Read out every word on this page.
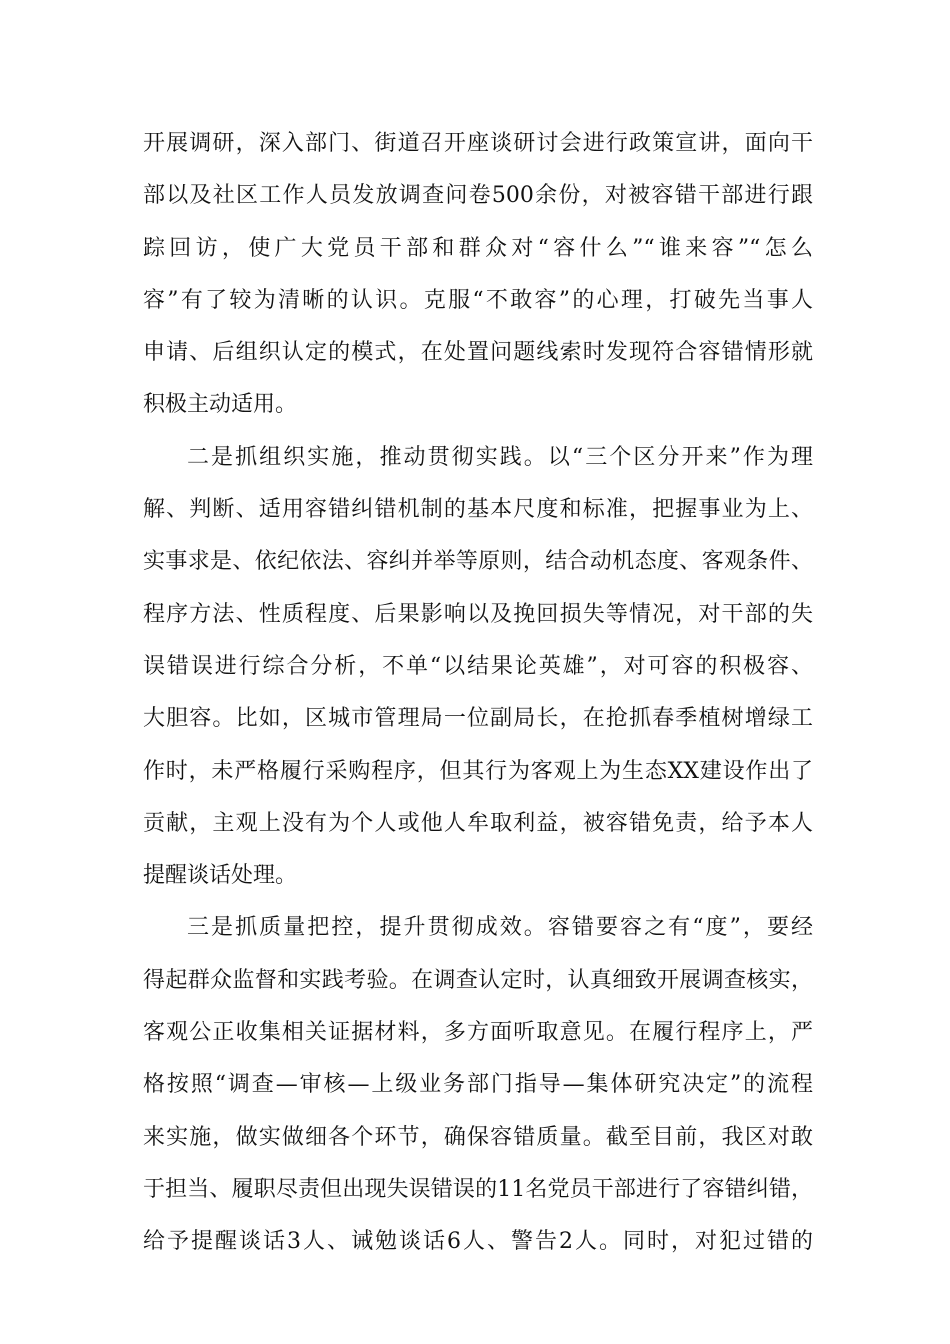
开展调研，深入部门、街道召开座谈研讨会进行政策宣讲，面向干
部以及社区工作人员发放调查问卷500余份，对被容错干部进行跟
踪回访，使广大党员干部和群众对“容什么”“谁来容”“怎么
容”有了较为清晰的认识。克服“不敢容”的心理，打破先当事人
申请、后组织认定的模式，在处置问题线索时发现符合容错情形就
积极主动适用。
二是抓组织实施，推动贯彻实践。以“三个区分开来”作为理
解、判断、适用容错纠错机制的基本尺度和标准，把握事业为上、
实事求是、依纪依法、容纠并举等原则，结合动机态度、客观条件、
程序方法、性质程度、后果影响以及挽回损失等情况，对干部的失
误错误进行综合分析，不单“以结果论英雄”，对可容的积极容、
大胆容。比如，区城市管理局一位副局长，在抢抓春季植树增绿工
作时，未严格履行采购程序，但其行为客观上为生态XX建设作出了
贡献，主观上没有为个人或他人牟取利益，被容错免责，给予本人
提醒谈话处理。
三是抓质量把控，提升贯彻成效。容错要容之有“度”，要经
得起群众监督和实践考验。在调查认定时，认真细致开展调查核实，
客观公正收集相关证据材料，多方面听取意见。在履行程序上，严
格按照“调查—审核—上级业务部门指导—集体研究决定”的流程
来实施，做实做细各个环节，确保容错质量。截至目前，我区对敢
于担当、履职尽责但出现失误错误的11名党员干部进行了容错纠错，
给予提醒谈话3人、诫勉谈话6人、警告2人。同时，对犯过错的
